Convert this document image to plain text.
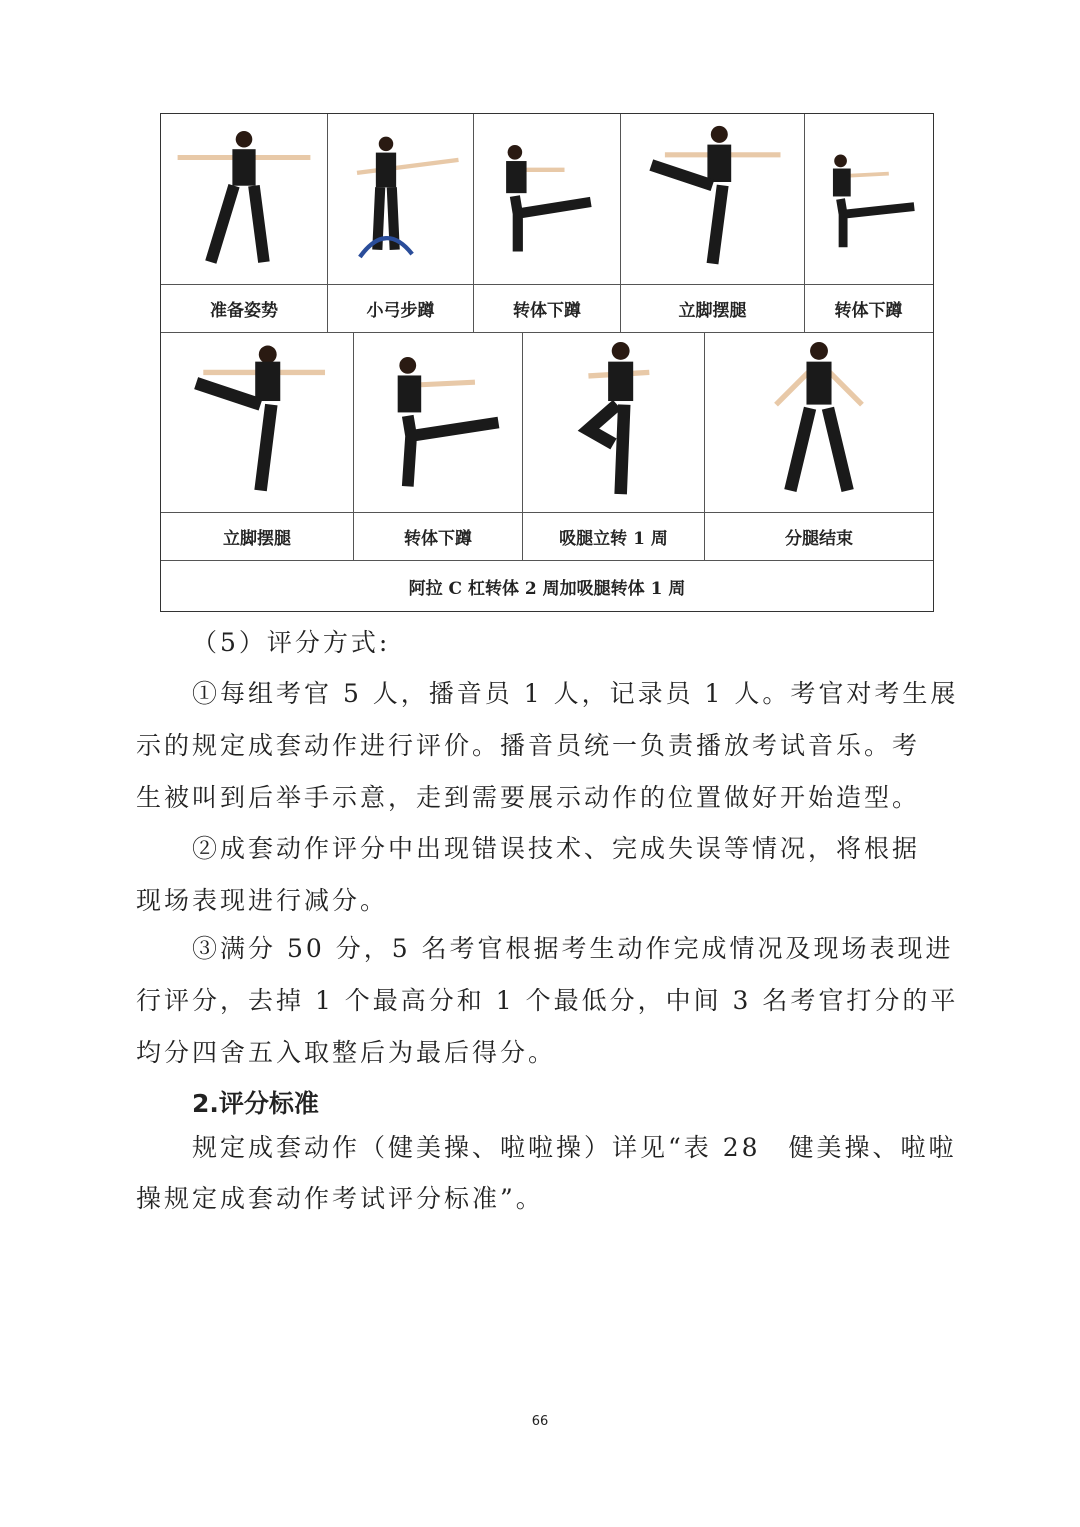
准备姿势	小弓步蹲	转体下蹲	立脚摆腿	转体下蹲
立脚摆腿	转体下蹲	吸腿立转 1 周	分腿结束
阿拉 C 杠转体 2 周加吸腿转体 1 周
（5）评分方式:
①每组考官 5 人，播音员 1 人，记录员 1 人。考官对考生展
示的规定成套动作进行评价。播音员统一负责播放考试音乐。考
生被叫到后举手示意，走到需要展示动作的位置做好开始造型。
②成套动作评分中出现错误技术、完成失误等情况，将根据
现场表现进行减分。
③满分 50 分，5 名考官根据考生动作完成情况及现场表现进
行评分，去掉 1 个最高分和 1 个最低分，中间 3 名考官打分的平
均分四舍五入取整后为最后得分。
2.评分标准
规定成套动作（健美操、啦啦操）详见“表 28　健美操、啦啦
操规定成套动作考试评分标准”。
66
